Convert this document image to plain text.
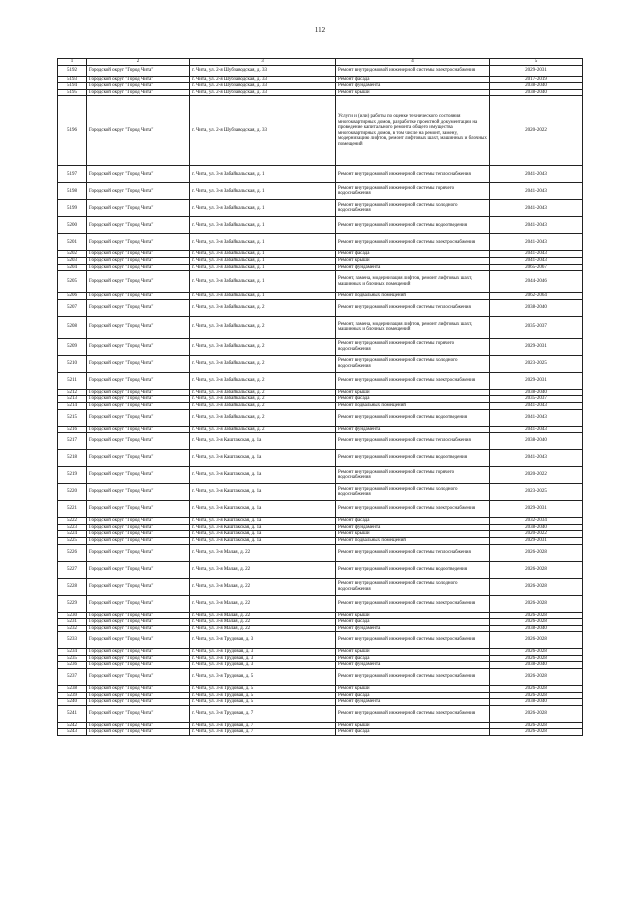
112
1	2	3	4	5
5192	Городской округ "Город Чита"	г. Чита, ул. 2-я Шубзаводская, д. 33	Ремонт внутридомовой инженерной системы электроснабжения	2029-2031
5193	Городской округ "Город Чита"	г. Чита, ул. 2-я Шубзаводская, д. 33	Ремонт фасада	2017-2019
5194	Городской округ "Город Чита"	г. Чита, ул. 2-я Шубзаводская, д. 33	Ремонт фундамента	2038-2040
5195	Городской округ "Город Чита"	г. Чита, ул. 2-я Шубзаводская, д. 33	Ремонт крыши	2038-2040
5196	Городской округ "Город Чита"	г. Чита, ул. 2-я Шубзаводская, д. 33	Услуги и (или) работы по оценке технического состояния многоквартирных домов, разработке проектной документации на проведение капитального ремонта общего имущества многоквартирных домов, в том числе на ремонт, замену, модернизацию лифтов, ремонт лифтовых шахт, машинных и блочных помещений	2020-2022
5197	Городской округ "Город Чита"	г. Чита, ул. 3-я Забайкальская, д. 1	Ремонт внутридомовой инженерной системы теплоснабжения	2041-2043
5198	Городской округ "Город Чита"	г. Чита, ул. 3-я Забайкальская, д. 1	Ремонт внутридомовой инженерной системы горячего водоснабжения	2041-2043
5199	Городской округ "Город Чита"	г. Чита, ул. 3-я Забайкальская, д. 1	Ремонт внутридомовой инженерной системы холодного водоснабжения	2041-2043
5200	Городской округ "Город Чита"	г. Чита, ул. 3-я Забайкальская, д. 1	Ремонт внутридомовой инженерной системы водоотведения	2041-2043
5201	Городской округ "Город Чита"	г. Чита, ул. 3-я Забайкальская, д. 1	Ремонт внутридомовой инженерной системы электроснабжения	2041-2043
5202	Городской округ "Город Чита"	г. Чита, ул. 3-я Забайкальская, д. 1	Ремонт фасада	2041-2043
5203	Городской округ "Город Чита"	г. Чита, ул. 3-я Забайкальская, д. 1	Ремонт крыши	2041-2043
5204	Городской округ "Город Чита"	г. Чита, ул. 3-я Забайкальская, д. 1	Ремонт фундамента	2065-2067
5205	Городской округ "Город Чита"	г. Чита, ул. 3-я Забайкальская, д. 1	Ремонт, замена, модернизация лифтов, ремонт лифтовых шахт, машинных и блочных помещений	2044-2046
5206	Городской округ "Город Чита"	г. Чита, ул. 3-я Забайкальская, д. 1	Ремонт подвальных помещений	2062-2064
5207	Городской округ "Город Чита"	г. Чита, ул. 3-я Забайкальская, д. 2	Ремонт внутридомовой инженерной системы теплоснабжения	2038-2040
5208	Городской округ "Город Чита"	г. Чита, ул. 3-я Забайкальская, д. 2	Ремонт, замена, модернизация лифтов, ремонт лифтовых шахт, машинных и блочных помещений	2035-2037
5209	Городской округ "Город Чита"	г. Чита, ул. 3-я Забайкальская, д. 2	Ремонт внутридомовой инженерной системы горячего водоснабжения	2029-2031
5210	Городской округ "Город Чита"	г. Чита, ул. 3-я Забайкальская, д. 2	Ремонт внутридомовой инженерной системы холодного водоснабжения	2023-2025
5211	Городской округ "Город Чита"	г. Чита, ул. 3-я Забайкальская, д. 2	Ремонт внутридомовой инженерной системы электроснабжения	2029-2031
5212	Городской округ "Город Чита"	г. Чита, ул. 3-я Забайкальская, д. 2	Ремонт крыши	2038-2040
5213	Городской округ "Город Чита"	г. Чита, ул. 3-я Забайкальская, д. 2	Ремонт фасада	2035-2037
5214	Городской округ "Город Чита"	г. Чита, ул. 3-я Забайкальская, д. 2	Ремонт подвальных помещений	2041-2043
5215	Городской округ "Город Чита"	г. Чита, ул. 3-я Забайкальская, д. 2	Ремонт внутридомовой инженерной системы водоотведения	2041-2043
5216	Городской округ "Город Чита"	г. Чита, ул. 3-я Забайкальская, д. 2	Ремонт фундамента	2041-2043
5217	Городской округ "Город Чита"	г. Чита, ул. 3-я Каштакская, д. 1а	Ремонт внутридомовой инженерной системы теплоснабжения	2038-2040
5218	Городской округ "Город Чита"	г. Чита, ул. 3-я Каштакская, д. 1а	Ремонт внутридомовой инженерной системы водоотведения	2041-2043
5219	Городской округ "Город Чита"	г. Чита, ул. 3-я Каштакская, д. 1а	Ремонт внутридомовой инженерной системы горячего водоснабжения	2020-2022
5220	Городской округ "Город Чита"	г. Чита, ул. 3-я Каштакская, д. 1а	Ремонт внутридомовой инженерной системы холодного водоснабжения	2023-2025
5221	Городской округ "Город Чита"	г. Чита, ул. 3-я Каштакская, д. 1а	Ремонт внутридомовой инженерной системы электроснабжения	2029-2031
5222	Городской округ "Город Чита"	г. Чита, ул. 3-я Каштакская, д. 1а	Ремонт фасада	2032-2034
5223	Городской округ "Город Чита"	г. Чита, ул. 3-я Каштакская, д. 1а	Ремонт фундамента	2038-2040
5224	Городской округ "Город Чита"	г. Чита, ул. 3-я Каштакская, д. 1а	Ремонт крыши	2020-2022
5225	Городской округ "Город Чита"	г. Чита, ул. 3-я Каштакская, д. 1а	Ремонт подвальных помещений	2029-2031
5226	Городской округ "Город Чита"	г. Чита, ул. 3-я Малая, д. 22	Ремонт внутридомовой инженерной системы теплоснабжения	2026-2028
5227	Городской округ "Город Чита"	г. Чита, ул. 3-я Малая, д. 22	Ремонт внутридомовой инженерной системы водоотведения	2026-2028
5228	Городской округ "Город Чита"	г. Чита, ул. 3-я Малая, д. 22	Ремонт внутридомовой инженерной системы холодного водоснабжения	2026-2028
5229	Городской округ "Город Чита"	г. Чита, ул. 3-я Малая, д. 22	Ремонт внутридомовой инженерной системы электроснабжения	2026-2028
5230	Городской округ "Город Чита"	г. Чита, ул. 3-я Малая, д. 22	Ремонт крыши	2026-2028
5231	Городской округ "Город Чита"	г. Чита, ул. 3-я Малая, д. 22	Ремонт фасада	2026-2028
5232	Городской округ "Город Чита"	г. Чита, ул. 3-я Малая, д. 22	Ремонт фундамента	2038-2040
5233	Городской округ "Город Чита"	г. Чита, ул. 3-я Трудовая, д. 3	Ремонт внутридомовой инженерной системы электроснабжения	2026-2028
5234	Городской округ "Город Чита"	г. Чита, ул. 3-я Трудовая, д. 3	Ремонт крыши	2026-2028
5235	Городской округ "Город Чита"	г. Чита, ул. 3-я Трудовая, д. 3	Ремонт фасада	2026-2028
5236	Городской округ "Город Чита"	г. Чита, ул. 3-я Трудовая, д. 3	Ремонт фундамента	2038-2040
5237	Городской округ "Город Чита"	г. Чита, ул. 3-я Трудовая, д. 5	Ремонт внутридомовой инженерной системы электроснабжения	2026-2028
5238	Городской округ "Город Чита"	г. Чита, ул. 3-я Трудовая, д. 5	Ремонт крыши	2026-2028
5239	Городской округ "Город Чита"	г. Чита, ул. 3-я Трудовая, д. 5	Ремонт фасада	2026-2028
5240	Городской округ "Город Чита"	г. Чита, ул. 3-я Трудовая, д. 5	Ремонт фундамента	2038-2040
5241	Городской округ "Город Чита"	г. Чита, ул. 3-я Трудовая, д. 7	Ремонт внутридомовой инженерной системы электроснабжения	2026-2028
5242	Городской округ "Город Чита"	г. Чита, ул. 3-я Трудовая, д. 7	Ремонт крыши	2026-2028
5243	Городской округ "Город Чита"	г. Чита, ул. 3-я Трудовая, д. 7	Ремонт фасада	2026-2028
